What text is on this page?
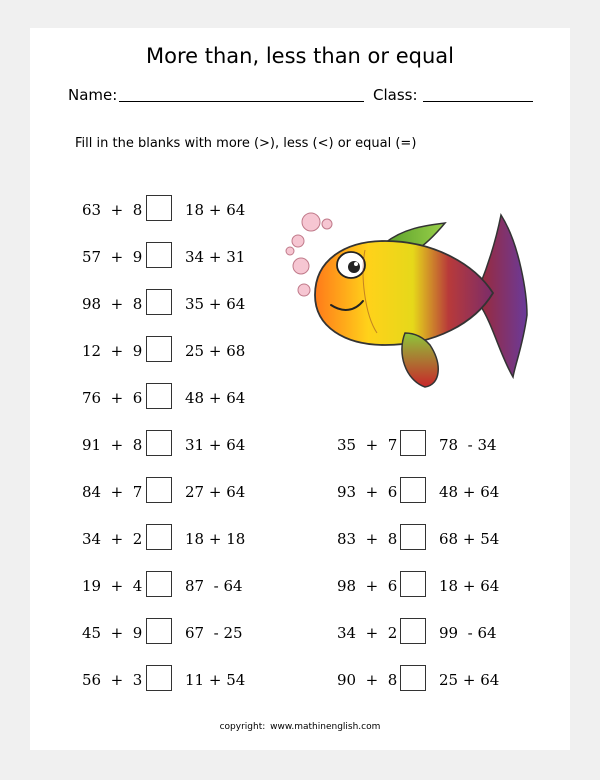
More than, less than or equal
Name:	Class:
Fill in the blanks with more (>), less (<) or equal (=)
63  +  8	18 + 64
57  +  9	34 + 31
98  +  8	35 + 64
12  +  9	25 + 68
76  +  6	48 + 64
91  +  8	31 + 64
84  +  7	27 + 64
34  +  2	18 + 18
19  +  4	87  - 64
45  +  9	67  - 25
56  +  3	11 + 54
35  +  7	78  - 34
93  +  6	48 + 64
83  +  8	68 + 54
98  +  6	18 + 64
34  +  2	99  - 64
90  +  8	25 + 64
copyright: www.mathinenglish.com
